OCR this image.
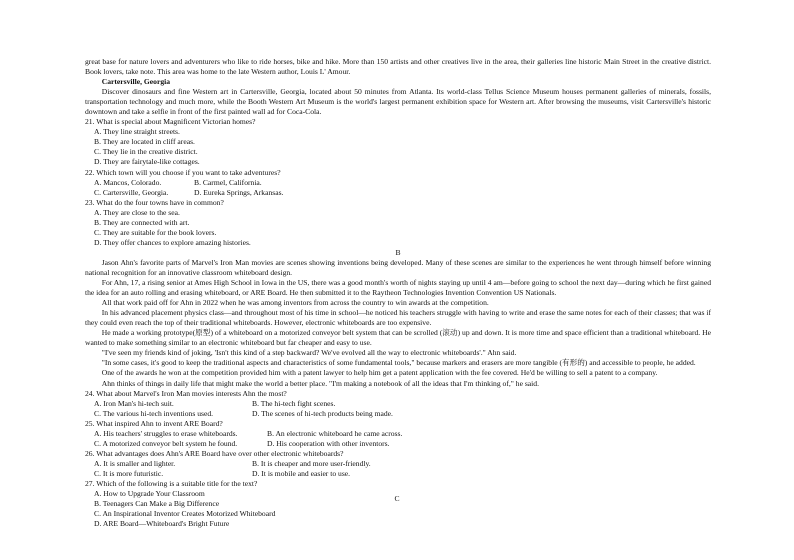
great base for nature lovers and adventurers who like to ride horses, bike and hike. More than 150 artists and other creatives live in the area, their galleries line historic Main Street in the creative district. Book lovers, take note. This area was home to the late Western author, Louis L' Amour.
Cartersville, Georgia
Discover dinosaurs and fine Western art in Cartersville, Georgia, located about 50 minutes from Atlanta. Its world-class Tellus Science Museum houses permanent galleries of minerals, fossils, transportation technology and much more, while the Booth Western Art Museum is the world's largest permanent exhibition space for Western art. After browsing the museums, visit Cartersville's historic downtown and take a selfie in front of the first painted wall ad for Coca-Cola.
21. What is special about Magnificent Victorian homes?
A. They line straight streets.
B. They are located in cliff areas.
C. They lie in the creative district.
D. They are fairytale-like cottages.
22. Which town will you choose if you want to take adventures?
A. Mancos, Colorado.	B. Carmel, California.
C. Cartersville, Georgia.	D. Eureka Springs, Arkansas.
23. What do the four towns have in common?
A. They are close to the sea.
B. They are connected with art.
C. They are suitable for the book lovers.
D. They offer chances to explore amazing histories.
B
Jason Ahn's favorite parts of Marvel's Iron Man movies are scenes showing inventions being developed. Many of these scenes are similar to the experiences he went through himself before winning national recognition for an innovative classroom whiteboard design.
For Ahn, 17, a rising senior at Ames High School in Iowa in the US, there was a good month's worth of nights staying up until 4 am—before going to school the next day—during which he first gained the idea for an auto rolling and erasing whiteboard, or ARE Board. He then submitted it to the Raytheon Technologies Invention Convention US Nationals.
All that work paid off for Ahn in 2022 when he was among inventors from across the country to win awards at the competition.
In his advanced placement physics class—and throughout most of his time in school—he noticed his teachers struggle with having to write and erase the same notes for each of their classes; that was if they could even reach the top of their traditional whiteboards. However, electronic whiteboards are too expensive.
He made a working prototype(原型) of a whiteboard on a motorized conveyor belt system that can be scrolled (滚动) up and down. It is more time and space efficient than a traditional whiteboard. He wanted to make something similar to an electronic whiteboard but far cheaper and easy to use.
"I've seen my friends kind of joking, 'Isn't this kind of a step backward? We've evolved all the way to electronic whiteboards'." Ahn said.
"In some cases, it's good to keep the traditional aspects and characteristics of some fundamental tools," because markers and erasers are more tangible (有形的) and accessible to people, he added.
One of the awards he won at the competition provided him with a patent lawyer to help him get a patent application with the fee covered. He'd be willing to sell a patent to a company.
Ahn thinks of things in daily life that might make the world a better place. "I'm making a notebook of all the ideas that I'm thinking of," he said.
24. What about Marvel's Iron Man movies interests Ahn the most?
A. Iron Man's hi-tech suit.	B. The hi-tech fight scenes.
C. The various hi-tech inventions used.	D. The scenes of hi-tech products being made.
25. What inspired Ahn to invent ARE Board?
A. His teachers' struggles to erase whiteboards.	B. An electronic whiteboard he came across.
C. A motorized conveyor belt system he found.	D. His cooperation with other inventors.
26. What advantages does Ahn's ARE Board have over other electronic whiteboards?
A. It is smaller and lighter.	B. It is cheaper and more user-friendly.
C. It is more futuristic.	D. It is mobile and easier to use.
27. Which of the following is a suitable title for the text?
A. How to Upgrade Your Classroom
B. Teenagers Can Make a Big Difference
C. An Inspirational Inventor Creates Motorized Whiteboard
D. ARE Board—Whiteboard's Bright Future
C
